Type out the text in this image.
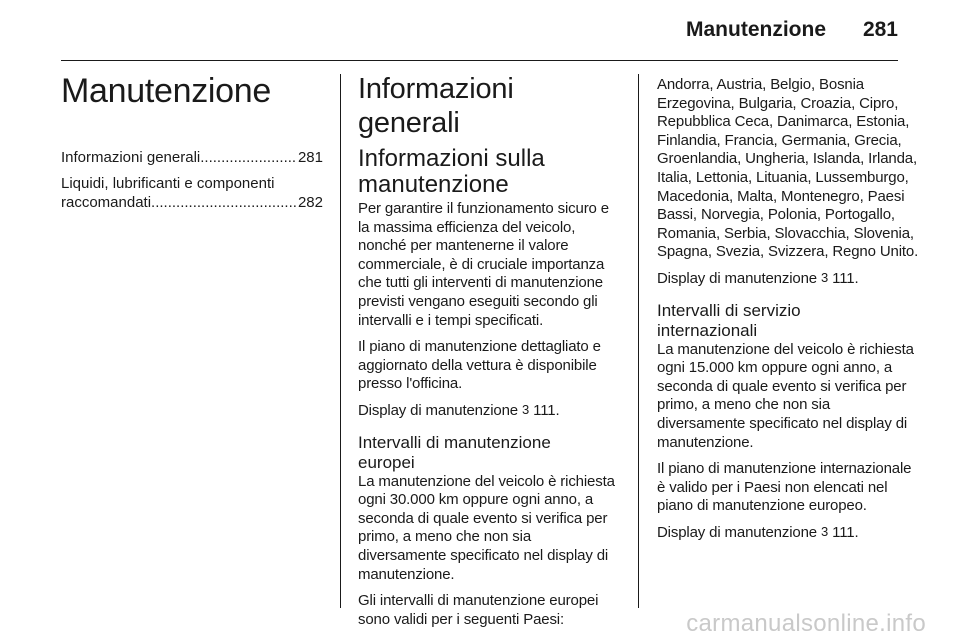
Manutenzione 281
Manutenzione
Informazioni generali .....	281
Liquidi, lubrificanti e componenti
raccomandati .....	282
Informazioni generali
Informazioni sulla
manutenzione

Per garantire il funzionamento sicuro e la massima efficienza del veicolo, nonché per mantenerne il valore commerciale, è di cruciale importanza che tutti gli interventi di manutenzione previsti vengano eseguiti secondo gli intervalli e i tempi specificati.

Il piano di manutenzione dettagliato e aggiornato della vettura è disponibile presso l'officina.

Display di manutenzione 3 111.

Intervalli di manutenzione
europei

La manutenzione del veicolo è richiesta ogni 30.000 km oppure ogni anno, a seconda di quale evento si verifica per primo, a meno che non sia diversamente specificato nel display di manutenzione.

Gli intervalli di manutenzione europei sono validi per i seguenti Paesi:

Andorra, Austria, Belgio, Bosnia Erzegovina, Bulgaria, Croazia, Cipro, Repubblica Ceca, Danimarca, Estonia, Finlandia, Francia, Germania, Grecia, Groenlandia, Ungheria, Islanda, Irlanda, Italia, Lettonia, Lituania, Lussemburgo, Macedonia, Malta, Montenegro, Paesi Bassi, Norvegia, Polonia, Portogallo, Romania, Serbia, Slovacchia, Slovenia, Spagna, Svezia, Svizzera, Regno Unito.

Display di manutenzione 3 111.

Intervalli di servizio
internazionali

La manutenzione del veicolo è richiesta ogni 15.000 km oppure ogni anno, a seconda di quale evento si verifica per primo, a meno che non sia diversamente specificato nel display di manutenzione.

Il piano di manutenzione internazionale è valido per i Paesi non elencati nel piano di manutenzione europeo.

Display di manutenzione 3 111.

carmanualsonline.info
